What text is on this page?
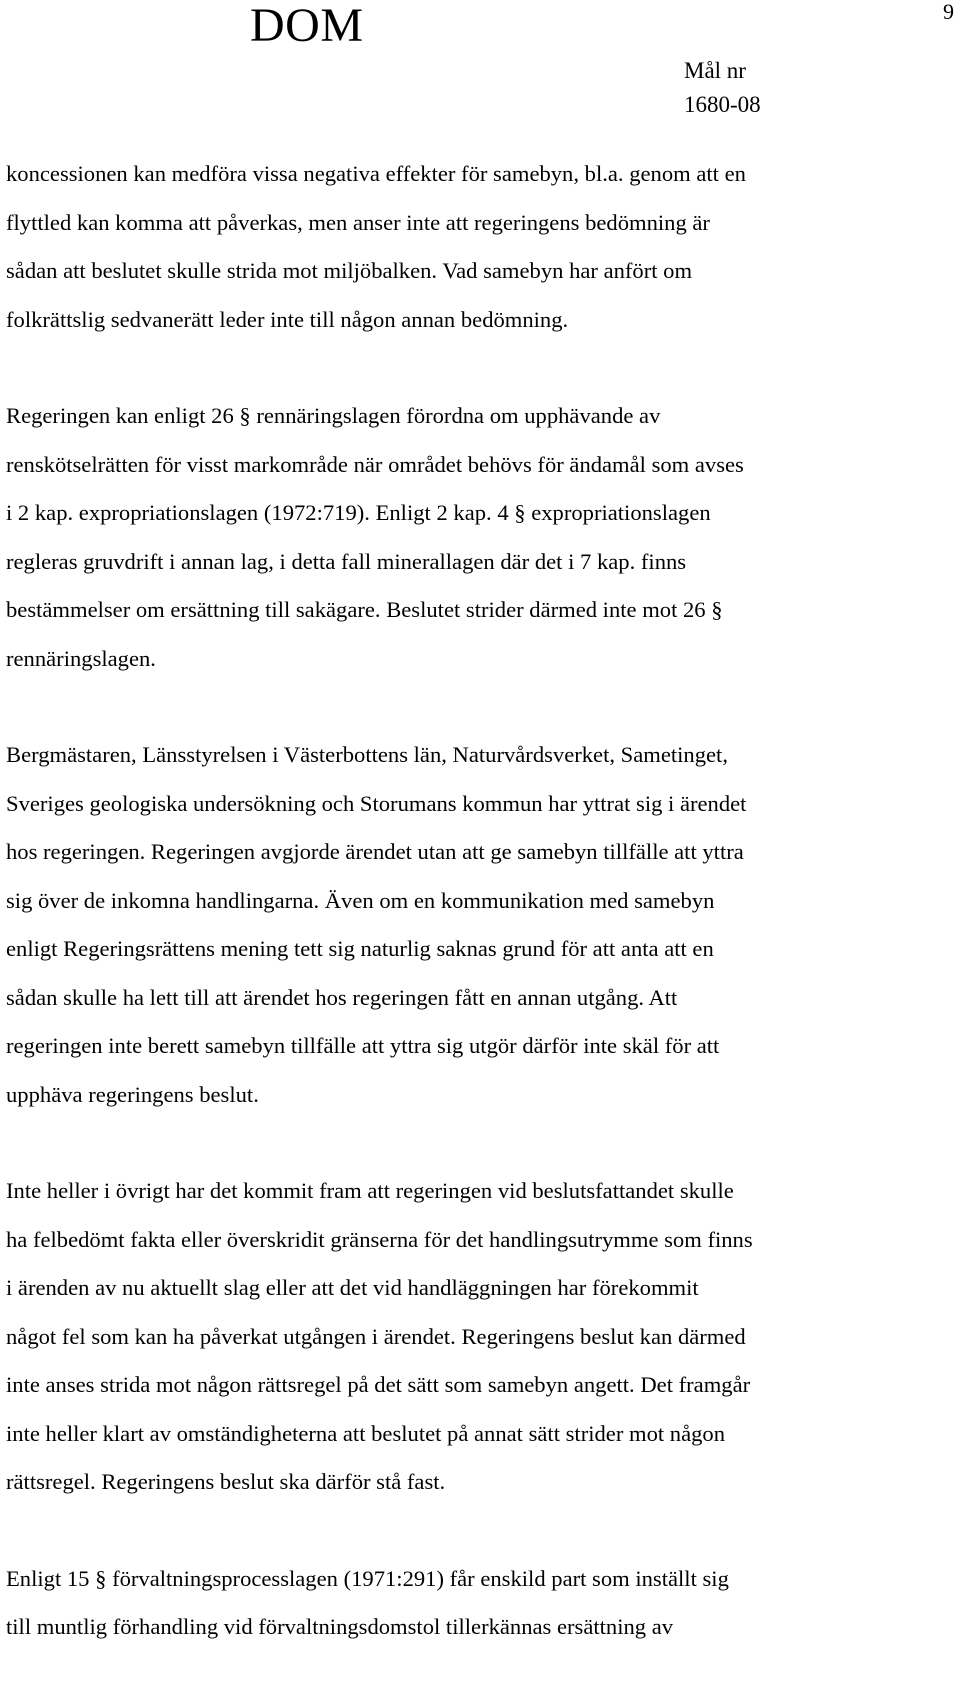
DOM	9
Mål nr
1680-08

koncessionen kan medföra vissa negativa effekter för samebyn, bl.a. genom att en
flyttled kan komma att påverkas, men anser inte att regeringens bedömning är
sådan att beslutet skulle strida mot miljöbalken. Vad samebyn har anfört om
folkrättslig sedvanerätt leder inte till någon annan bedömning.

Regeringen kan enligt 26 § rennäringslagen förordna om upphävande av
renskötselrätten för visst markområde när området behövs för ändamål som avses
i 2 kap. expropriationslagen (1972:719). Enligt 2 kap. 4 § expropriationslagen
regleras gruvdrift i annan lag, i detta fall minerallagen där det i 7 kap. finns
bestämmelser om ersättning till sakägare. Beslutet strider därmed inte mot 26 §
rennäringslagen.

Bergmästaren, Länsstyrelsen i Västerbottens län, Naturvårdsverket, Sametinget,
Sveriges geologiska undersökning och Storumans kommun har yttrat sig i ärendet
hos regeringen. Regeringen avgjorde ärendet utan att ge samebyn tillfälle att yttra
sig över de inkomna handlingarna. Även om en kommunikation med samebyn
enligt Regeringsrättens mening tett sig naturlig saknas grund för att anta att en
sådan skulle ha lett till att ärendet hos regeringen fått en annan utgång. Att
regeringen inte berett samebyn tillfälle att yttra sig utgör därför inte skäl för att
upphäva regeringens beslut.

Inte heller i övrigt har det kommit fram att regeringen vid beslutsfattandet skulle
ha felbedömt fakta eller överskridit gränserna för det handlingsutrymme som finns
i ärenden av nu aktuellt slag eller att det vid handläggningen har förekommit
något fel som kan ha påverkat utgången i ärendet. Regeringens beslut kan därmed
inte anses strida mot någon rättsregel på det sätt som samebyn angett. Det framgår
inte heller klart av omständigheterna att beslutet på annat sätt strider mot någon
rättsregel. Regeringens beslut ska därför stå fast.

Enligt 15 § förvaltningsprocesslagen (1971:291) får enskild part som inställt sig
till muntlig förhandling vid förvaltningsdomstol tillerkännas ersättning av
